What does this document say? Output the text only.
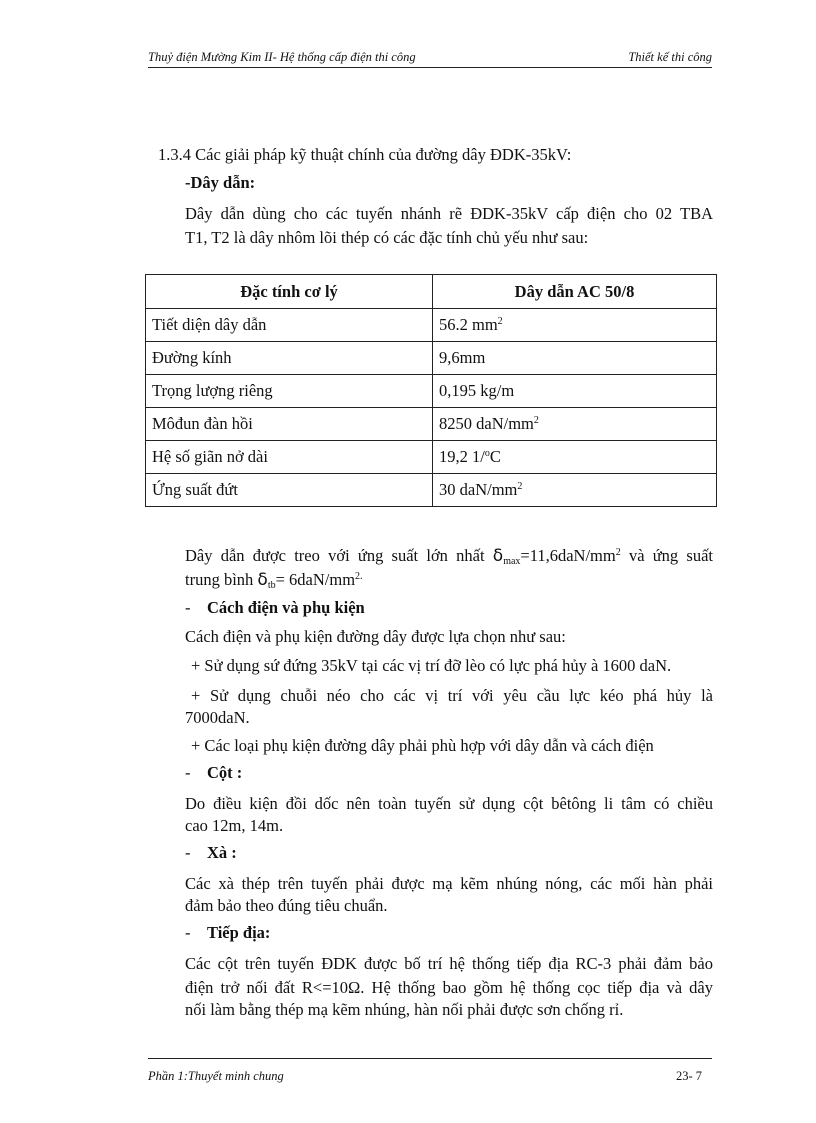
Thuỷ điện Mường Kim II- Hệ thống cấp điện thi công	Thiết kế thi công
1.3.4 Các giải pháp kỹ thuật chính của đường dây ĐDK-35kV:
-Dây dẫn:
Dây dẫn dùng cho các tuyến nhánh rẽ ĐDK-35kV cấp điện cho 02 TBA
T1, T2 là dây nhôm lõi thép có các đặc tính chủ yếu như sau:
Đặc tính cơ lý	Dây dẫn AC 50/8
Tiết diện dây dẫn	56.2 $mm^2$
Đường kính	9,6mm
Trọng lượng riêng	0,195 kg/m
Môđun đàn hồi	8250 daN/$mm^2$
Hệ số giãn nở dài	19,2 1/$^o$C
Ứng suất đứt	30 daN/$mm^2$
Dây dẫn được treo với ứng suất lớn nhất $\delta_{max}=11,6daN/mm^2$ và ứng suất
trung bình $\delta_{tb}= 6daN/mm^{2.}$
- Cách điện và phụ kiện
Cách điện và phụ kiện đường dây được lựa chọn như sau:
+ Sử dụng sứ đứng 35kV tại các vị trí đỡ lèo có lực phá hủy à 1600 daN.
+ Sử dụng chuỗi néo cho các vị trí với yêu cầu lực kéo phá hủy là
7000daN.
+ Các loại phụ kiện đường dây phải phù hợp với dây dẫn và cách điện
- Cột :
Do điều kiện đồi dốc nên toàn tuyến sử dụng cột bêtông li tâm có chiều
cao 12m, 14m.
- Xà :
Các xà thép trên tuyến phải được mạ kẽm nhúng nóng, các mối hàn phải
đảm bảo theo đúng tiêu chuẩn.
- Tiếp địa:
Các cột trên tuyến ĐDK được bố trí hệ thống tiếp địa RC-3 phải đảm bảo
điện trở nối đất R<=10Ω. Hệ thống bao gồm hệ thống cọc tiếp địa và dây
nối làm bằng thép mạ kẽm nhúng, hàn nối phải được sơn chống rỉ.
Phần 1:Thuyết minh chung	23- 7
